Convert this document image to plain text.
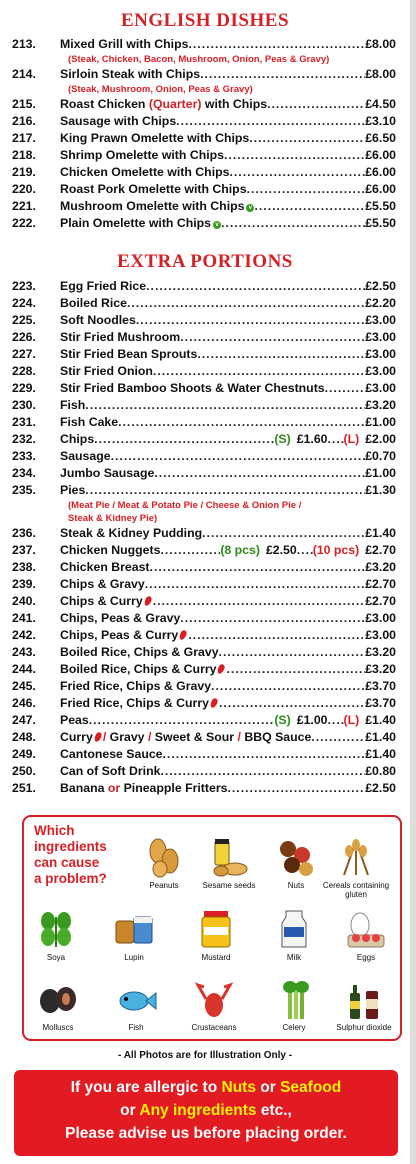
ENGLISH DISHES
213.	Mixed Grill with Chips .....	£8.00
(Steak, Chicken, Bacon, Mushroom, Onion, Peas & Gravy)
214.	Sirloin Steak with Chips .....	£8.00
(Steak, Mushroom, Onion, Peas & Gravy)
215.	Roast Chicken (Quarter) with Chips .....	£4.50
216.	Sausage with Chips .....	£3.10
217.	King Prawn Omelette with Chips .....	£6.50
218.	Shrimp Omelette with Chips .....	£6.00
219.	Chicken Omelette with Chips .....	£6.00
220.	Roast Pork Omelette with Chips .....	£6.00
221.	Mushroom Omelette with Chips v .....	£5.50
222.	Plain Omelette with Chips v .....	£5.50
EXTRA PORTIONS
223.	Egg Fried Rice .....	£2.50
224.	Boiled Rice .....	£2.20
225.	Soft Noodles .....	£3.00
226.	Stir Fried Mushroom .....	£3.00
227.	Stir Fried Bean Sprouts .....	£3.00
228.	Stir Fried Onion .....	£3.00
229.	Stir Fried Bamboo Shoots & Water Chestnuts .....	£3.00
230.	Fish .....	£3.20
231.	Fish Cake .....	£1.00
232.	Chips .....	(S) £1.60 ..... (L) £2.00
233.	Sausage .....	£0.70
234.	Jumbo Sausage .....	£1.00
235.	Pies .....	£1.30
(Meat Pie / Meat & Potato Pie / Cheese & Onion Pie /
Steak & Kidney Pie)
236.	Steak & Kidney Pudding .....	£1.40
237.	Chicken Nuggets .....	(8 pcs) £2.50 ..... (10 pcs) £2.70
238.	Chicken Breast .....	£3.20
239.	Chips & Gravy .....	£2.70
240.	Chips & Curry .....	£2.70
241.	Chips, Peas & Gravy .....	£3.00
242.	Chips, Peas & Curry .....	£3.00
243.	Boiled Rice, Chips & Gravy .....	£3.20
244.	Boiled Rice, Chips & Curry .....	£3.20
245.	Fried Rice, Chips & Gravy .....	£3.70
246.	Fried Rice, Chips & Curry .....	£3.70
247.	Peas .....	(S) £1.00 ..... (L) £1.40
248.	Curry / Gravy / Sweet & Sour / BBQ Sauce .....	£1.40
249.	Cantonese Sauce .....	£1.40
250.	Can of Soft Drink .....	£0.80
251.	Banana or Pineapple Fritters .....	£2.50
Which
ingredients
can cause
a problem?	Peanuts	Sesame seeds	Nuts	Cereals containing gluten
Soya	Lupin	Mustard	Milk	Eggs
Molluscs	Fish	Crustaceans	Celery	Sulphur dioxide
- All Photos are for Illustration Only -
If you are allergic to Nuts or Seafood
or Any ingredients etc.,
Please advise us before placing order.
